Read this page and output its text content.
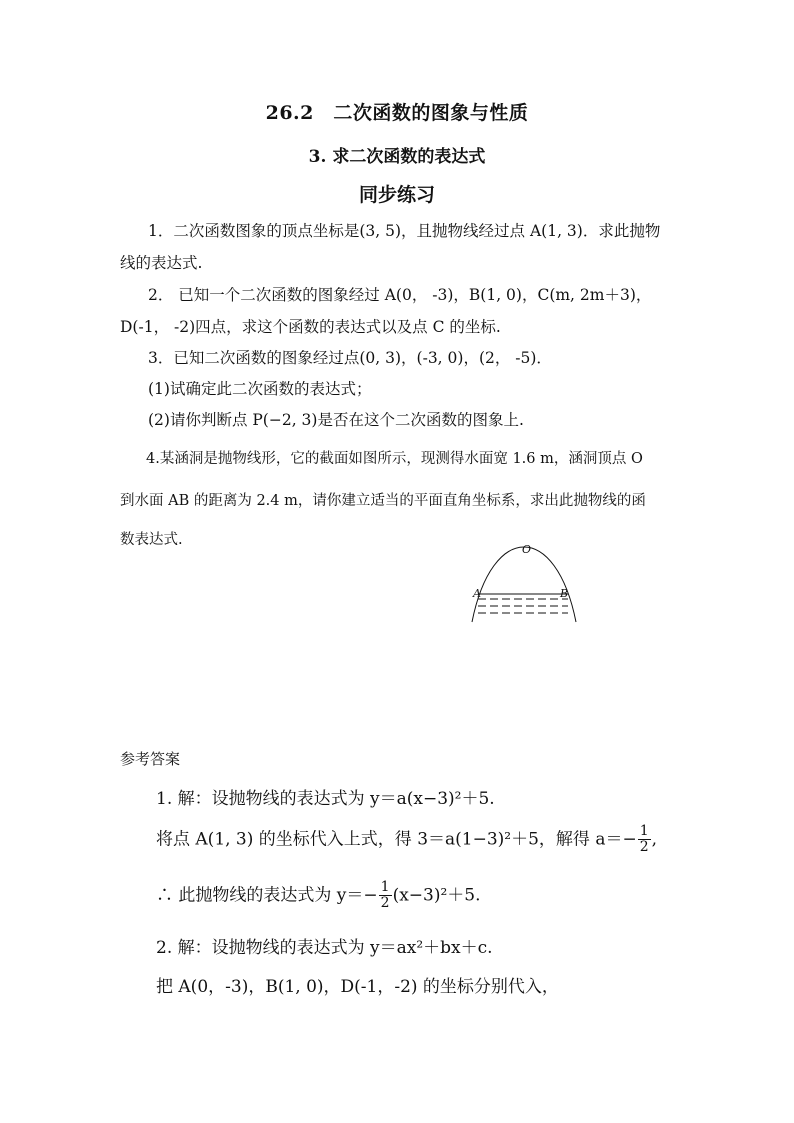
26.2　二次函数的图象与性质
3. 求二次函数的表达式
同步练习
1．二次函数图象的顶点坐标是(3, 5)，且抛物线经过点 A(1, 3)．求此抛物
线的表达式.
2． 已知一个二次函数的图象经过 A(0， -3)，B(1, 0)，C(m, 2m＋3)，
D(-1， -2)四点，求这个函数的表达式以及点 C 的坐标.
3．已知二次函数的图象经过点(0, 3)，(-3, 0)，(2， -5)．
(1)试确定此二次函数的表达式；
(2)请你判断点 P(−2, 3)是否在这个二次函数的图象上.
4.某涵洞是抛物线形，它的截面如图所示，现测得水面宽 1.6 m，涵洞顶点 O
到水面 AB 的距离为 2.4 m，请你建立适当的平面直角坐标系，求出此抛物线的函
数表达式.
O
A	B
参考答案
1. 解：设抛物线的表达式为 y＝a(x−3)²＋5.
将点 A(1, 3) 的坐标代入上式，得 3＝a(1−3)²＋5，解得 $a=- \frac{1}{2}$ ,
∴ 此抛物线的表达式为 $y=- \frac{1}{2} (x-3)^2+5$.
2. 解：设抛物线的表达式为 y＝ax²＋bx＋c.
把 A(0，-3)，B(1, 0)，D(-1，-2) 的坐标分别代入，
